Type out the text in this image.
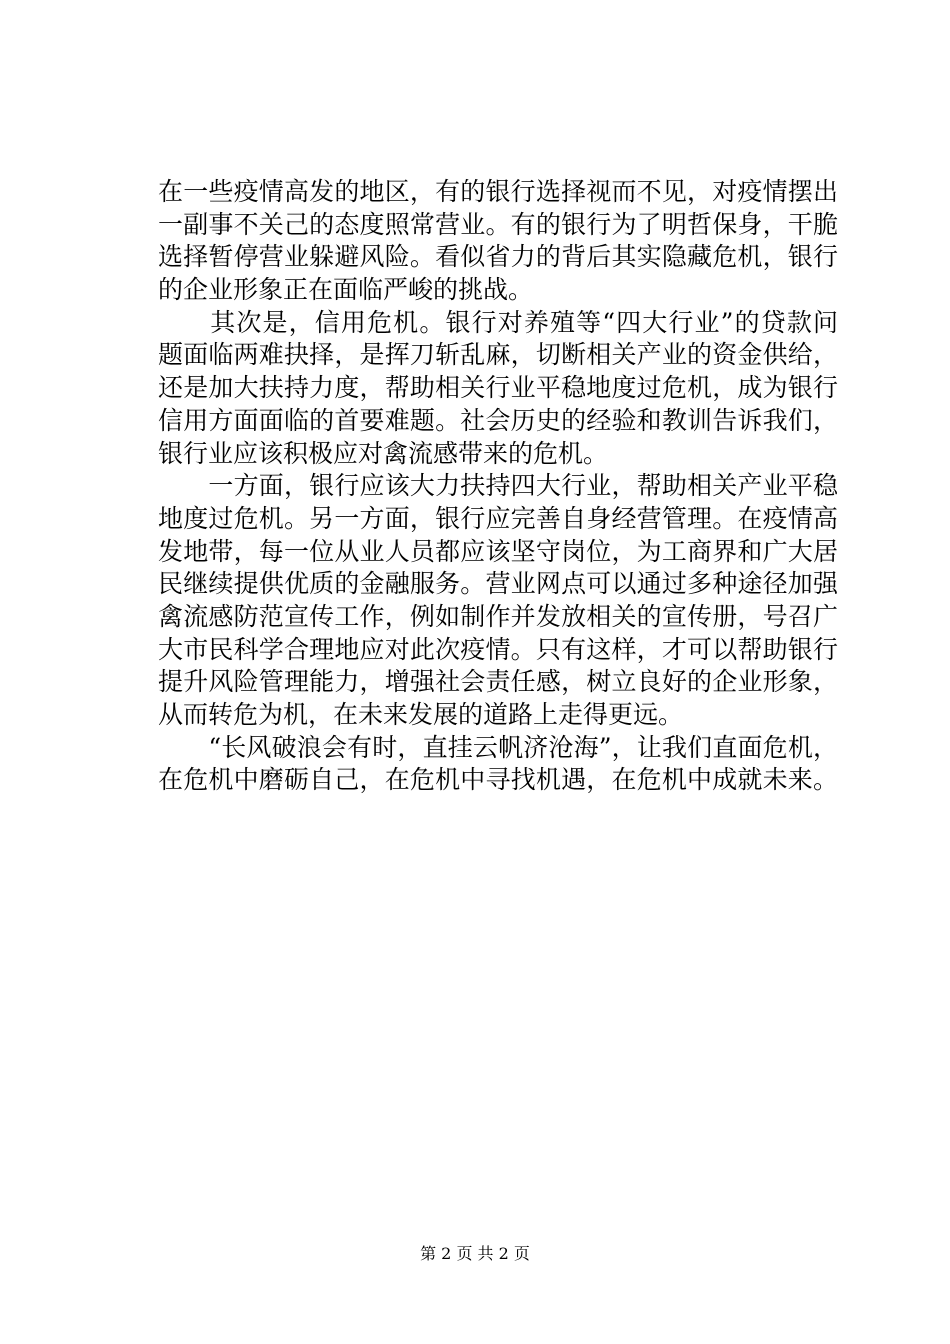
在一些疫情高发的地区，有的银行选择视而不见，对疫情摆出
一副事不关己的态度照常营业。有的银行为了明哲保身，干脆
选择暂停营业躲避风险。看似省力的背后其实隐藏危机，银行
的企业形象正在面临严峻的挑战。
　　其次是，信用危机。银行对养殖等“四大行业”的贷款问
题面临两难抉择，是挥刀斩乱麻，切断相关产业的资金供给，
还是加大扶持力度，帮助相关行业平稳地度过危机，成为银行
信用方面面临的首要难题。社会历史的经验和教训告诉我们，
银行业应该积极应对禽流感带来的危机。
　　一方面，银行应该大力扶持四大行业，帮助相关产业平稳
地度过危机。另一方面，银行应完善自身经营管理。在疫情高
发地带，每一位从业人员都应该坚守岗位，为工商界和广大居
民继续提供优质的金融服务。营业网点可以通过多种途径加强
禽流感防范宣传工作，例如制作并发放相关的宣传册，号召广
大市民科学合理地应对此次疫情。只有这样，才可以帮助银行
提升风险管理能力，增强社会责任感，树立良好的企业形象，
从而转危为机，在未来发展的道路上走得更远。
　　“长风破浪会有时，直挂云帆济沧海”，让我们直面危机，
在危机中磨砺自己，在危机中寻找机遇，在危机中成就未来。
第 2 页 共 2 页
